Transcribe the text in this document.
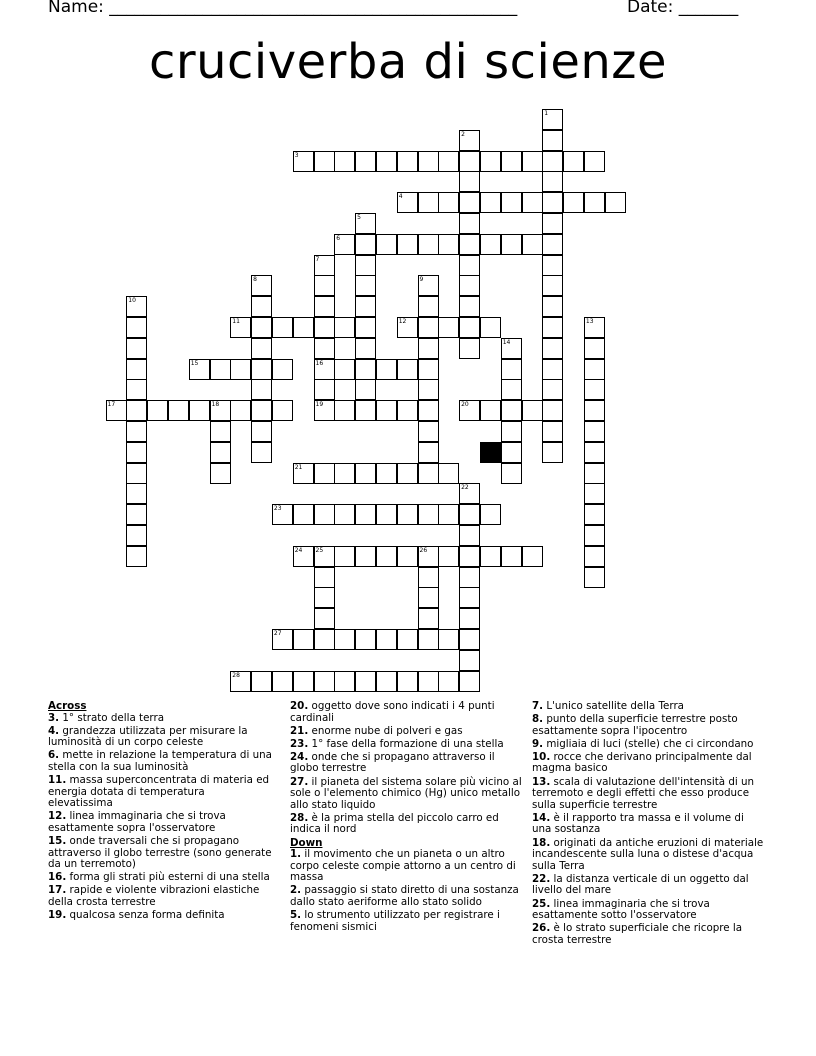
Name: ________________________________________________	Date: _______
cruciverba di scienze
1
2
3
4
5
6
7
16
19
8	9
10
11	12	13
14
15
17	18	20
21
22
23
24 25	26
27
28
Across
3. 1° strato della terra
4. grandezza utilizzata per misurare la luminosità di un corpo celeste
6. mette in relazione la temperatura di una stella con la sua luminosità
11. massa superconcentrata di materia ed energia dotata di temperatura elevatissima
12. linea immaginaria che si trova esattamente sopra l'osservatore
15. onde traversali che si propagano attraverso il globo terrestre (sono generate da un terremoto)
16. forma gli strati più esterni di una stella
17. rapide e violente vibrazioni elastiche della crosta terrestre
19. qualcosa senza forma definita
20. oggetto dove sono indicati i 4 punti cardinali
21. enorme nube di polveri e gas
23. 1° fase della formazione di una stella
24. onde che si propagano attraverso il globo terrestre
27. il pianeta del sistema solare più vicino al sole o l'elemento chimico (Hg) unico metallo allo stato liquido
28. è la prima stella del piccolo carro ed indica il nord
Down
1. il movimento che un pianeta o un altro corpo celeste compie attorno a un centro di massa
2. passaggio si stato diretto di una sostanza dallo stato aeriforme allo stato solido
5. lo strumento utilizzato per registrare i fenomeni sismici
7. L'unico satellite della Terra
8. punto della superficie terrestre posto esattamente sopra l'ipocentro
9. migliaia di luci (stelle) che ci circondano
10. rocce che derivano principalmente dal magma basico
13. scala di valutazione dell'intensità di un terremoto e degli effetti che esso produce sulla superficie terrestre
14. è il rapporto tra massa e il volume di una sostanza
18. originati da antiche eruzioni di materiale incandescente sulla luna o distese d'acqua sulla Terra
22. la distanza verticale di un oggetto dal livello del mare
25. linea immaginaria che si trova esattamente sotto l'osservatore
26. è lo strato superficiale che ricopre la crosta terrestre
